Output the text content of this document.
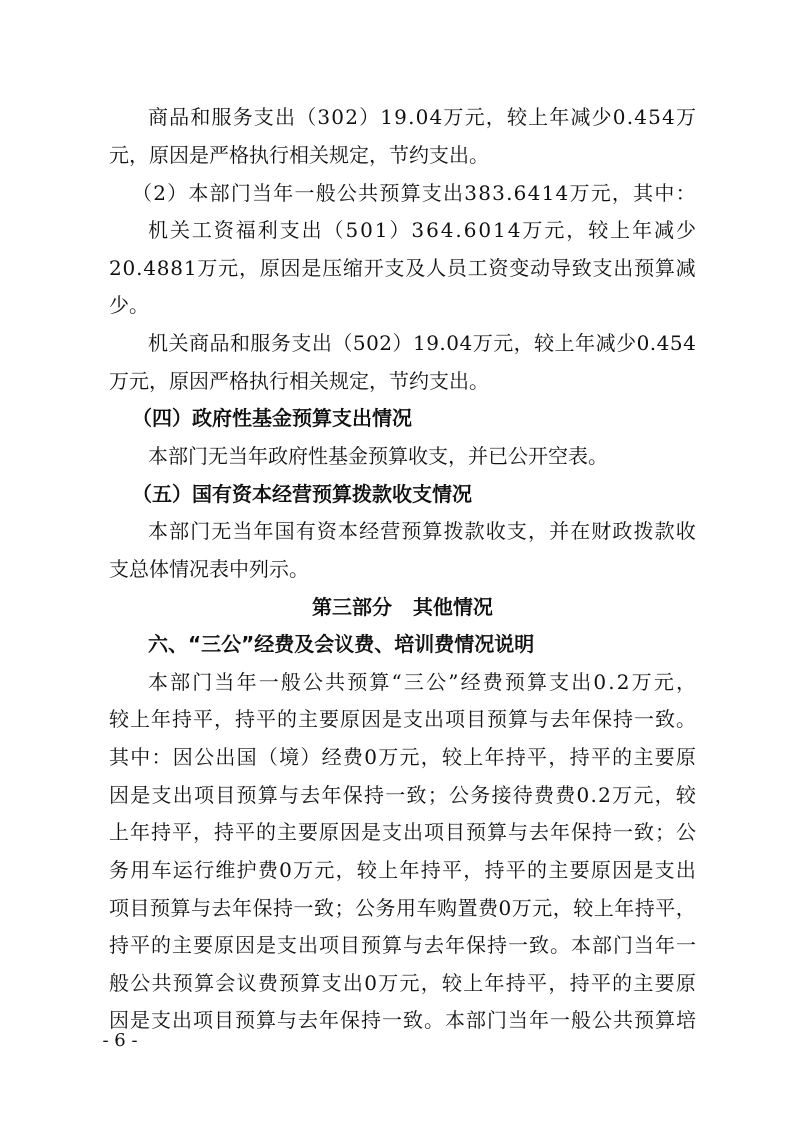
商 品 和 服 务 支 出 （ 3 0 2 ） 1 9 . 0 4 万 元 ， 较 上 年 减 少 0 . 4 5 4 万
元，原因是严格执行相关规定，节约支出。
（ 2 ） 本 部 门 当 年 一 般 公 共 预 算 支 出 3 8 3 . 6 4 1 4 万 元 ， 其 中 ：
机 关 工 资 福 利 支 出 （ 5 0 1 ） 3 6 4 . 6 0 1 4 万 元 ， 较 上 年 减 少
2 0 . 4 8 8 1 万 元 ， 原 因 是 压 缩 开 支 及 人 员 工 资 变 动 导 致 支 出 预 算 减
少。
机 关 商 品 和 服 务 支 出 （ 5 0 2 ） 1 9 . 0 4 万 元 ， 较 上 年 减 少 0 . 4 5 4
万元，原因严格执行相关规定，节约支出。
（四）政府性基金预算支出情况
本部门无当年政府性基金预算收支，并已公开空表。
（五）国有资本经营预算拨款收支情况
本 部 门 无 当 年 国 有 资 本 经 营 预 算 拨 款 收 支 ， 并 在 财 政 拨 款 收
支总体情况表中列示。
第三部分   其他情况
六、“三公”经费及会议费、培训费情况说明
本 部 门 当 年 一 般 公 共 预 算 “ 三 公 ” 经 费 预 算 支 出 0 . 2 万 元 ，
较 上 年 持 平 ， 持 平 的 主 要 原 因 是 支 出 项 目 预 算 与 去 年 保 持 一 致 。
其 中 ： 因 公 出 国 （ 境 ） 经 费 0 万 元 ， 较 上 年 持 平 ， 持 平 的 主 要 原
因 是 支 出 项 目 预 算 与 去 年 保 持 一 致 ； 公 务 接 待 费 费 0 . 2 万 元 ， 较
上 年 持 平 ， 持 平 的 主 要 原 因 是 支 出 项 目 预 算 与 去 年 保 持 一 致 ； 公
务 用 车 运 行 维 护 费 0 万 元 ， 较 上 年 持 平 ， 持 平 的 主 要 原 因 是 支 出
项 目 预 算 与 去 年 保 持 一 致 ； 公 务 用 车 购 置 费 0 万 元 ， 较 上 年 持 平 ，
持 平 的 主 要 原 因 是 支 出 项 目 预 算 与 去 年 保 持 一 致 。 本 部 门 当 年 一
般 公 共 预 算 会 议 费 预 算 支 出 0 万 元 ， 较 上 年 持 平 ， 持 平 的 主 要 原
因 是 支 出 项 目 预 算 与 去 年 保 持 一 致 。 本 部 门 当 年 一 般 公 共 预 算 培
- 6 -
